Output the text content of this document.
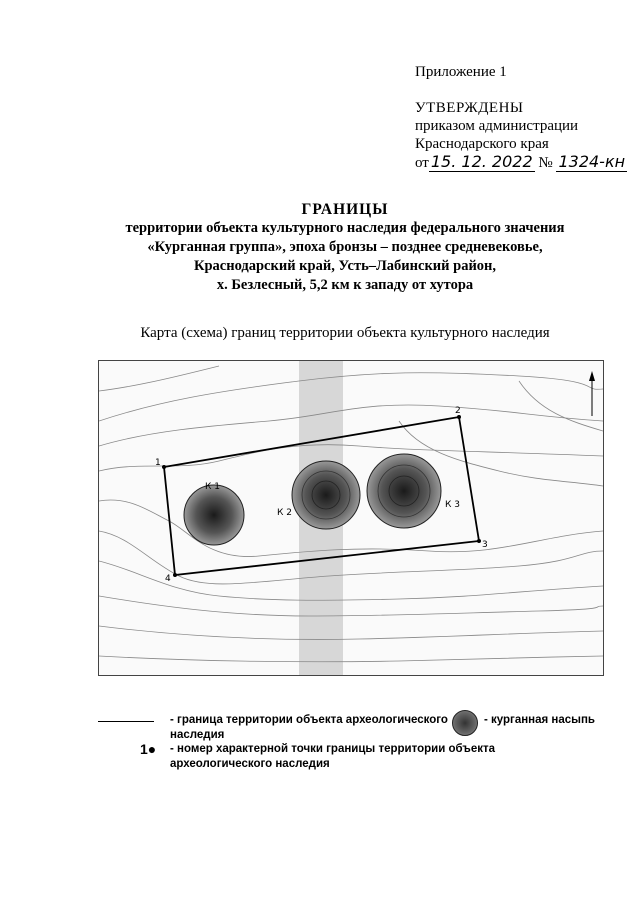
Приложение 1
УТВЕРЖДЕНЫ
приказом администрации
Краснодарского края
от 15. 12. 2022 № 1324-кн
ГРАНИЦЫ
территории объекта культурного наследия федерального значения
«Курганная группа», эпоха бронзы – позднее средневековье,
Краснодарский край, Усть–Лабинский район,
х. Безлесный, 5,2 км к западу от хутора
Карта (схема) границ территории объекта культурного наследия
1
2
3
4
К 1
К 2
К 3
- граница территории объекта археологического
наследия
- курганная насыпь
1● - номер характерной точки границы территории объекта
археологического наследия
